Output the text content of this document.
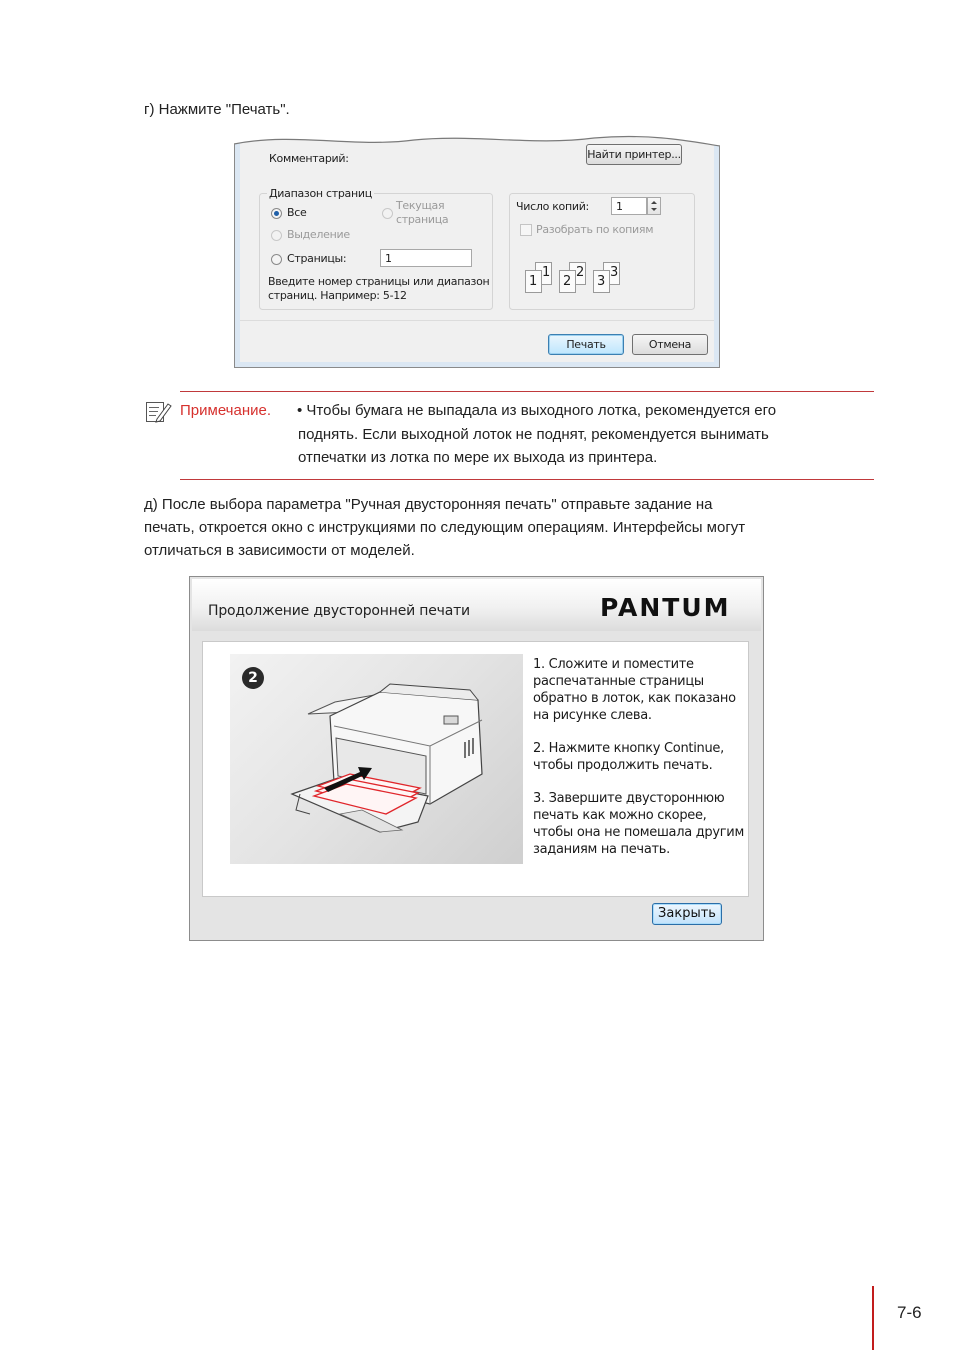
г) Нажмите "Печать".
Комментарий:	Найти принтер...
Диапазон страниц
Все
Текущая
страница
Выделение
Страницы:	1
Введите номер страницы или диапазон
страниц. Например: 5-12
Число копий:	1
Разобрать по копиям
1
1
2
2
3
3
Печать	Отмена
Примечание. • Чтобы бумага не выпадала из выходного лотка, рекомендуется его
поднять. Если выходной лоток не поднят, рекомендуется вынимать
отпечатки из лотка по мере их выхода из принтера.
д) После выбора параметра "Ручная двусторонняя печать" отправьте задание на
печать, откроется окно с инструкциями по следующим операциям. Интерфейсы могут
отличаться в зависимости от моделей.
Продолжение двусторонней печати	PANTUM
2

1. Сложите и поместите распечатанные страницы обратно в лоток, как показано на рисунке слева.

2. Нажмите кнопку Continue, чтобы продолжить печать.

3. Завершите двустороннюю печать как можно скорее, чтобы она не помешала другим заданиям на печать.

Закрыть
7-6
